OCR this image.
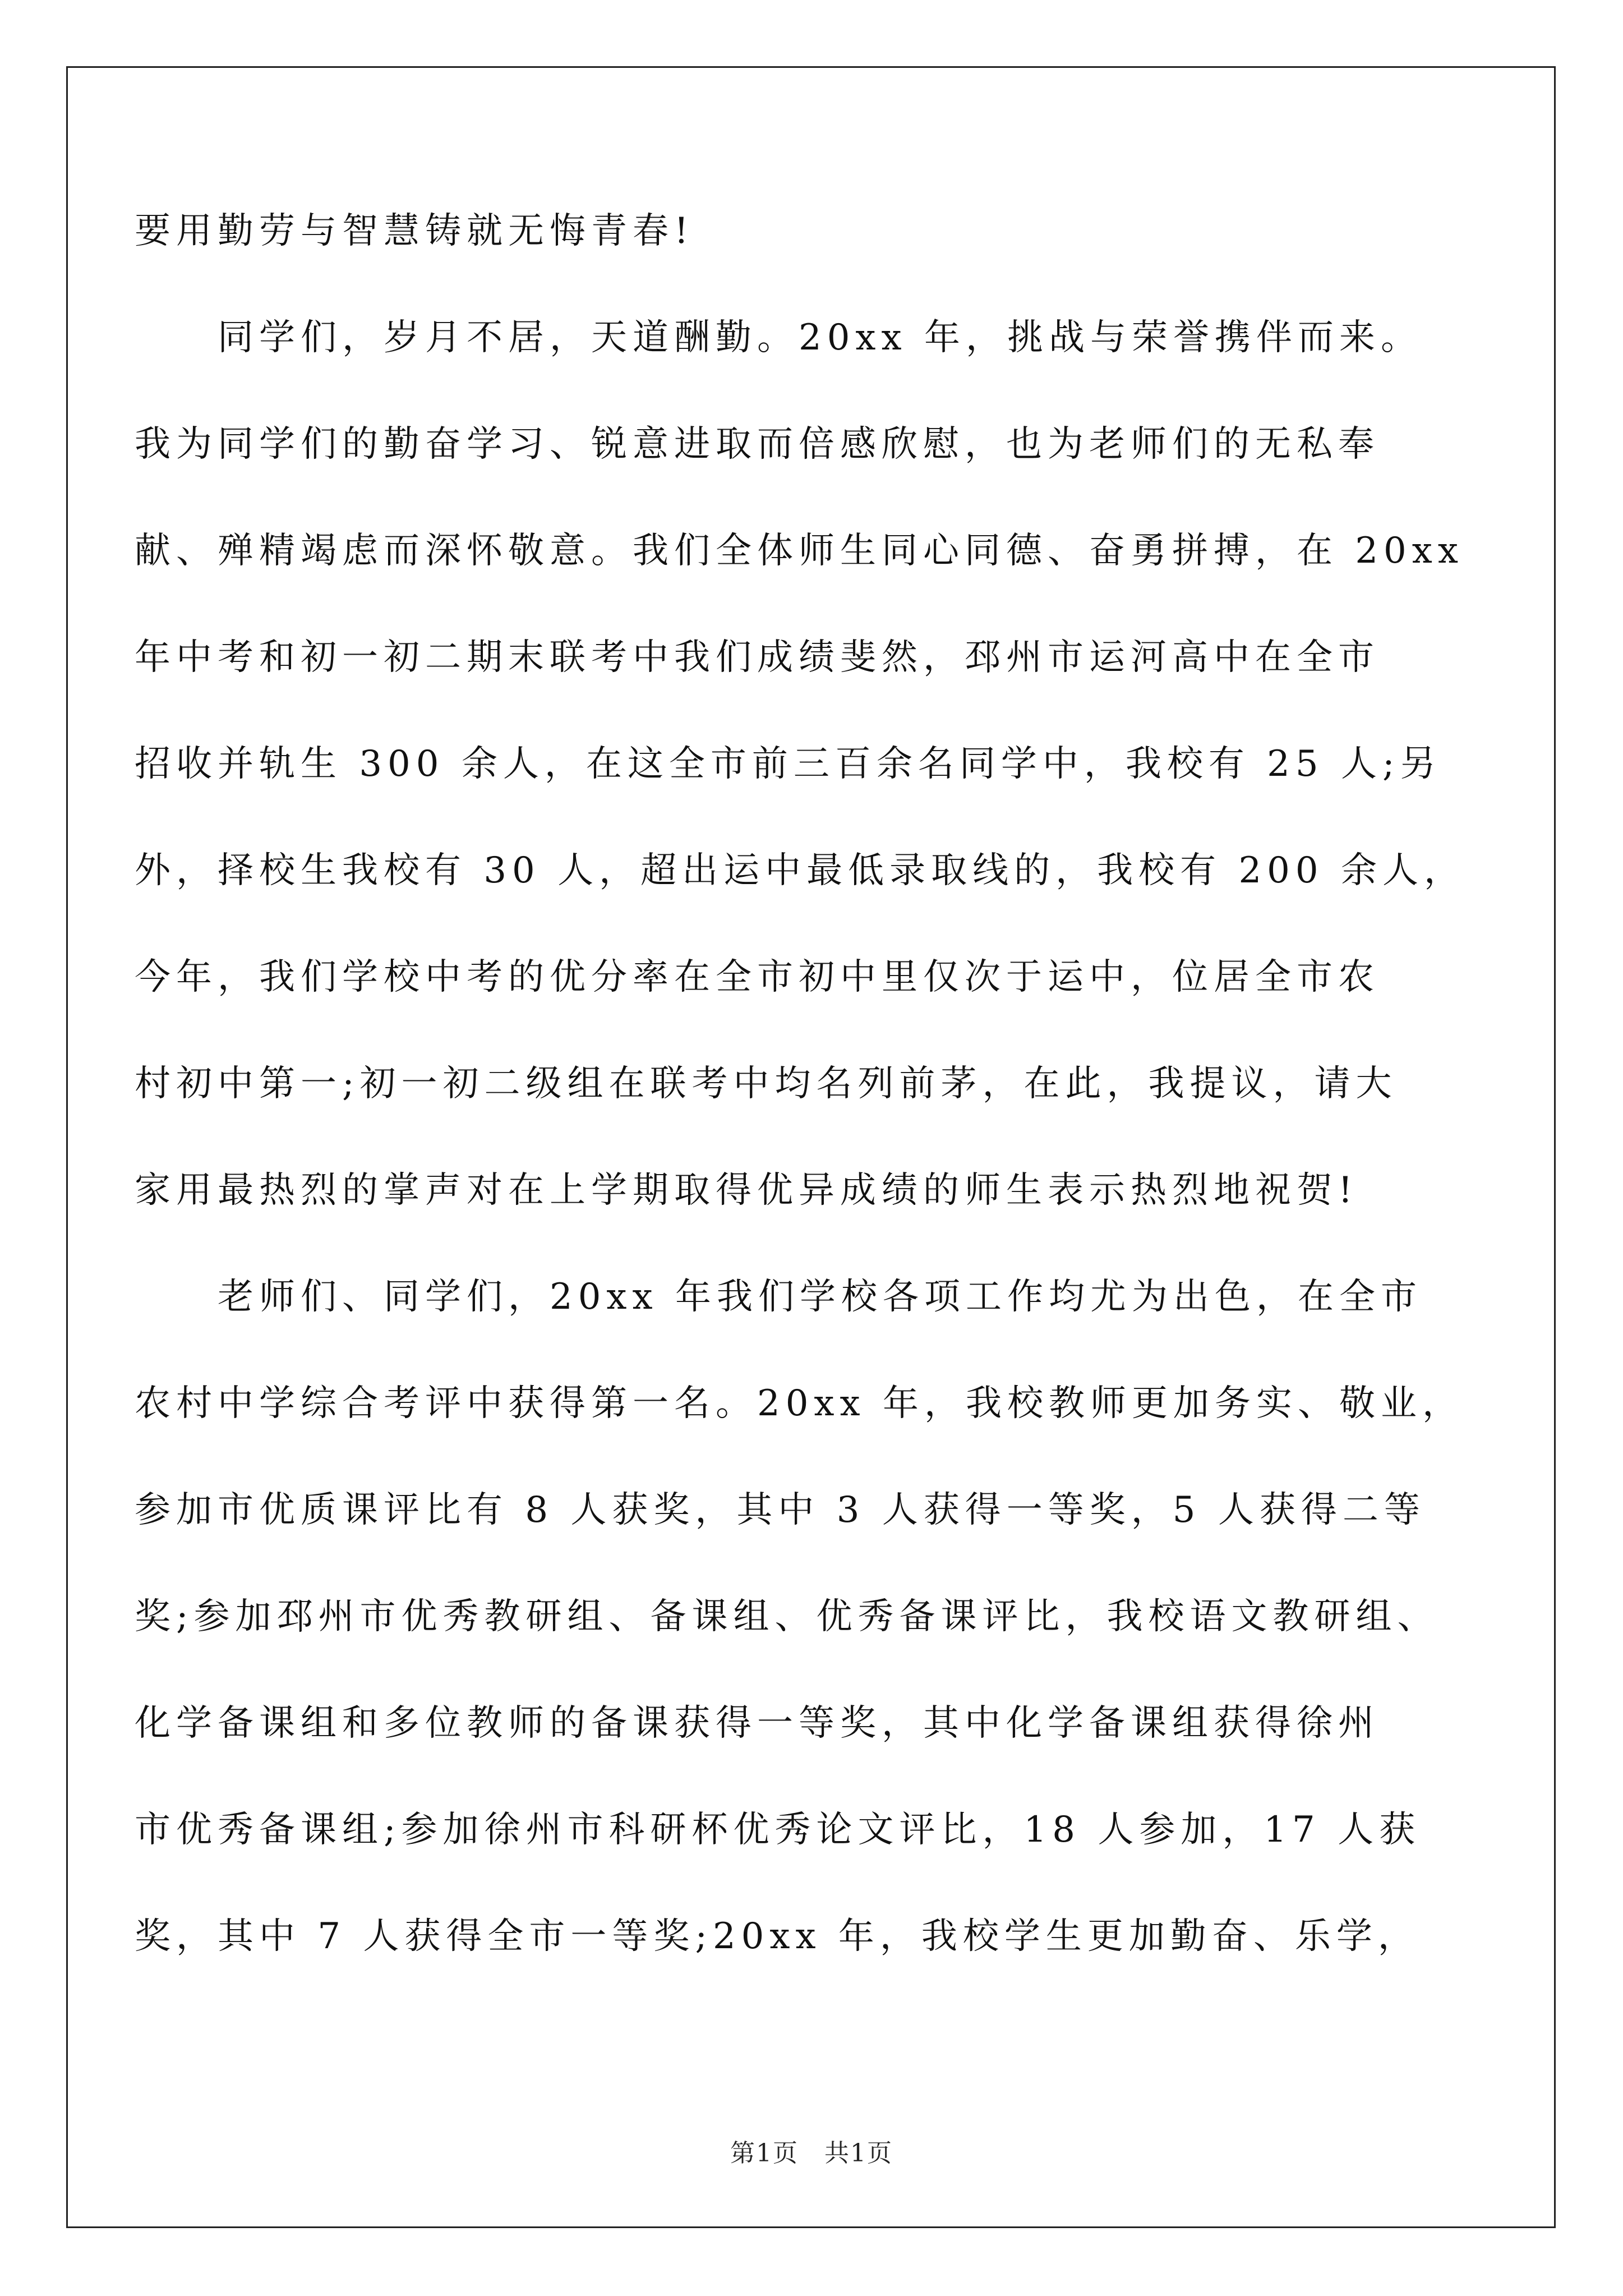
要用勤劳与智慧铸就无悔青春!
　　同学们，岁月不居，天道酬勤。20xx 年，挑战与荣誉携伴而来。
我为同学们的勤奋学习、锐意进取而倍感欣慰，也为老师们的无私奉
献、殚精竭虑而深怀敬意。我们全体师生同心同德、奋勇拼搏，在 20xx
年中考和初一初二期末联考中我们成绩斐然，邳州市运河高中在全市
招收并轨生 300 余人，在这全市前三百余名同学中，我校有 25 人;另
外，择校生我校有 30 人，超出运中最低录取线的，我校有 200 余人，
今年，我们学校中考的优分率在全市初中里仅次于运中，位居全市农
村初中第一;初一初二级组在联考中均名列前茅，在此，我提议，请大
家用最热烈的掌声对在上学期取得优异成绩的师生表示热烈地祝贺!
　　老师们、同学们，20xx 年我们学校各项工作均尤为出色，在全市
农村中学综合考评中获得第一名。20xx 年，我校教师更加务实、敬业，
参加市优质课评比有 8 人获奖，其中 3 人获得一等奖，5 人获得二等
奖;参加邳州市优秀教研组、备课组、优秀备课评比，我校语文教研组、
化学备课组和多位教师的备课获得一等奖，其中化学备课组获得徐州
市优秀备课组;参加徐州市科研杯优秀论文评比，18 人参加，17 人获
奖，其中 7 人获得全市一等奖;20xx 年，我校学生更加勤奋、乐学，
第1页　共1页
